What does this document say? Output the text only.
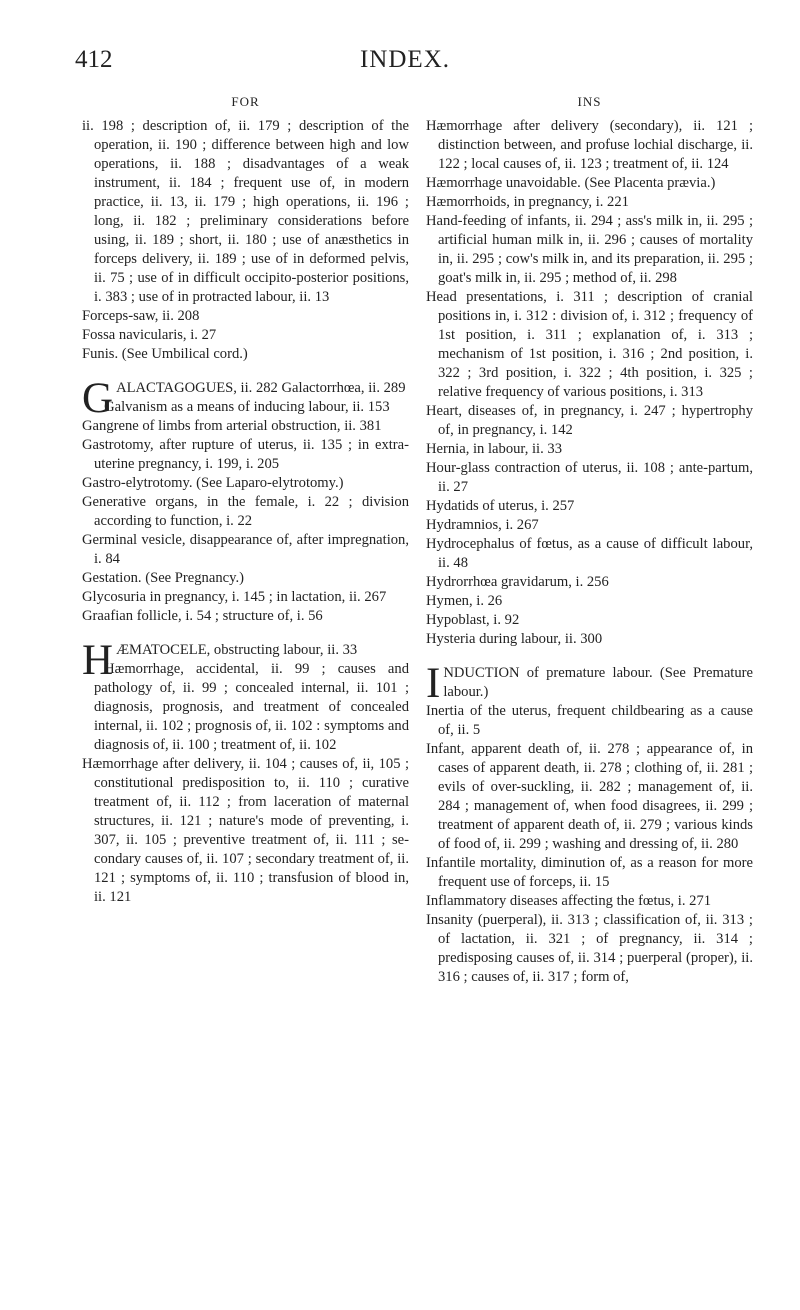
412	INDEX.
FOR
ii. 198 ; description of, ii. 179 ; description of the operation, ii. 190 ; difference between high and low operations, ii. 188 ; disadvantages of a weak instrument, ii. 184 ; frequent use of, in modern practice, ii. 13, ii. 179 ; high operations, ii. 196 ; long, ii. 182 ; preliminary considerations before using, ii. 189 ; short, ii. 180 ; use of anæsthetics in forceps delivery, ii. 189 ; use of in deformed pelvis, ii. 75 ; use of in difficult occipito-posterior positions, i. 383 ; use of in protracted labour, ii. 13
Forceps-saw, ii. 208
Fossa navicularis, i. 27
Funis. (See Umbilical cord.)
GALACTAGOGUES, ii. 282 Galactorrhœa, ii. 289
Galvanism as a means of inducing labour, ii. 153
Gangrene of limbs from arterial obstruction, ii. 381
Gastrotomy, after rupture of uterus, ii. 135 ; in extra-uterine pregnancy, i. 199, i. 205
Gastro-elytrotomy. (See Laparo-elytrotomy.)
Generative organs, in the female, i. 22 ; division according to function, i. 22
Germinal vesicle, disappearance of, after impregnation, i. 84
Gestation. (See Pregnancy.)
Glycosuria in pregnancy, i. 145 ; in lactation, ii. 267
Graafian follicle, i. 54 ; structure of, i. 56
HÆMATOCELE, obstructing labour, ii. 33
Hæmorrhage, accidental, ii. 99 ; causes and pathology of, ii. 99 ; concealed internal, ii. 101 ; diagnosis, prognosis, and treatment of concealed internal, ii. 102 ; prognosis of, ii. 102 : symptoms and diagnosis of, ii. 100 ; treatment of, ii. 102
Hæmorrhage after delivery, ii. 104 ; causes of, ii, 105 ; constitutional predisposition to, ii. 110 ; curative treatment of, ii. 112 ; from laceration of maternal structures, ii. 121 ; nature's mode of preventing, i. 307, ii. 105 ; preventive treatment of, ii. 111 ; secondary causes of, ii. 107 ; secondary treatment of, ii. 121 ; symptoms of, ii. 110 ; transfusion of blood in, ii. 121
INS
Hæmorrhage after delivery (secondary), ii. 121 ; distinction between, and profuse lochial discharge, ii. 122 ; local causes of, ii. 123 ; treatment of, ii. 124
Hæmorrhage unavoidable. (See Placenta prævia.)
Hæmorrhoids, in pregnancy, i. 221
Hand-feeding of infants, ii. 294 ; ass's milk in, ii. 295 ; artificial human milk in, ii. 296 ; causes of mortality in, ii. 295 ; cow's milk in, and its preparation, ii. 295 ; goat's milk in, ii. 295 ; method of, ii. 298
Head presentations, i. 311 ; description of cranial positions in, i. 312 : division of, i. 312 ; frequency of 1st position, i. 311 ; explanation of, i. 313 ; mechanism of 1st position, i. 316 ; 2nd position, i. 322 ; 3rd position, i. 322 ; 4th position, i. 325 ; relative frequency of various positions, i. 313
Heart, diseases of, in pregnancy, i. 247 ; hypertrophy of, in pregnancy, i. 142
Hernia, in labour, ii. 33
Hour-glass contraction of uterus, ii. 108 ; ante-partum, ii. 27
Hydatids of uterus, i. 257
Hydramnios, i. 267
Hydrocephalus of fœtus, as a cause of difficult labour, ii. 48
Hydrorrhœa gravidarum, i. 256
Hymen, i. 26
Hypoblast, i. 92
Hysteria during labour, ii. 300
INDUCTION of premature labour. (See Premature labour.)
Inertia of the uterus, frequent childbearing as a cause of, ii. 5
Infant, apparent death of, ii. 278 ; appearance of, in cases of apparent death, ii. 278 ; clothing of, ii. 281 ; evils of over-suckling, ii. 282 ; management of, ii. 284 ; management of, when food disagrees, ii. 299 ; treatment of apparent death of, ii. 279 ; various kinds of food of, ii. 299 ; washing and dressing of, ii. 280
Infantile mortality, diminution of, as a reason for more frequent use of forceps, ii. 15
Inflammatory diseases affecting the fœtus, i. 271
Insanity (puerperal), ii. 313 ; classification of, ii. 313 ; of lactation, ii. 321 ; of pregnancy, ii. 314 ; predisposing causes of, ii. 314 ; puerperal (proper), ii. 316 ; causes of, ii. 317 ; form of,
